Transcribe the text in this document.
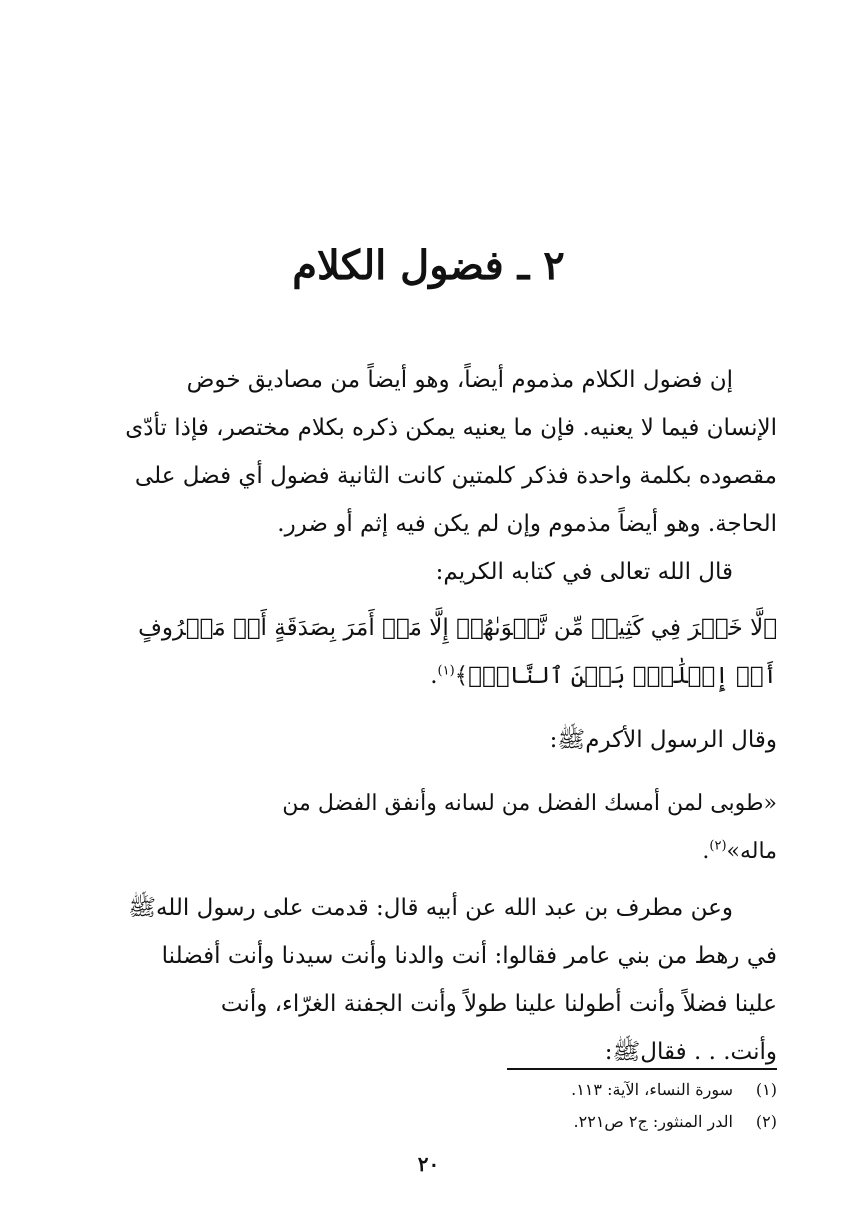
٢ ـ فضول الكلام

إن فضول الكلام مذموم أيضاً، وهو أيضاً من مصاديق خوض
الإنسان فيما لا يعنيه. فإن ما يعنيه يمكن ذكره بكلام مختصر، فإذا تأدّى
مقصوده بكلمة واحدة فذكر كلمتين كانت الثانية فضول أي فضل على
الحاجة. وهو أيضاً مذموم وإن لم يكن فيه إثم أو ضرر.

قال الله تعالى في كتابه الكريم:

﴿لَّا خَيۡرَ فِي كَثِيرٖ مِّن نَّجۡوَىٰهُمۡ إِلَّا مَنۡ أَمَرَ بِصَدَقَةٍ أَوۡ مَعۡرُوفٍ
أَوۡ إِصۡلَٰحِۭ بَيۡنَ ٱلنَّاسِۚ﴾$^{(١)}$.

وقال الرسول الأكرمﷺ:

«طوبى لمن أمسك الفضل من لسانه وأنفق الفضل من
ماله»$^{(٢)}$.

وعن مطرف بن عبد الله عن أبيه قال: قدمت على رسول اللهﷺ
في رهط من بني عامر فقالوا: أنت والدنا وأنت سيدنا وأنت أفضلنا
علينا فضلاً وأنت أطولنا علينا طولاً وأنت الجفنة الغرّاء، وأنت
وأنت. . . فقالﷺ:

(١)
سورة النساء، الآية: ١١٣.
(٢)
الدر المنثور: ج٢ ص٢٢١.
٢٠
